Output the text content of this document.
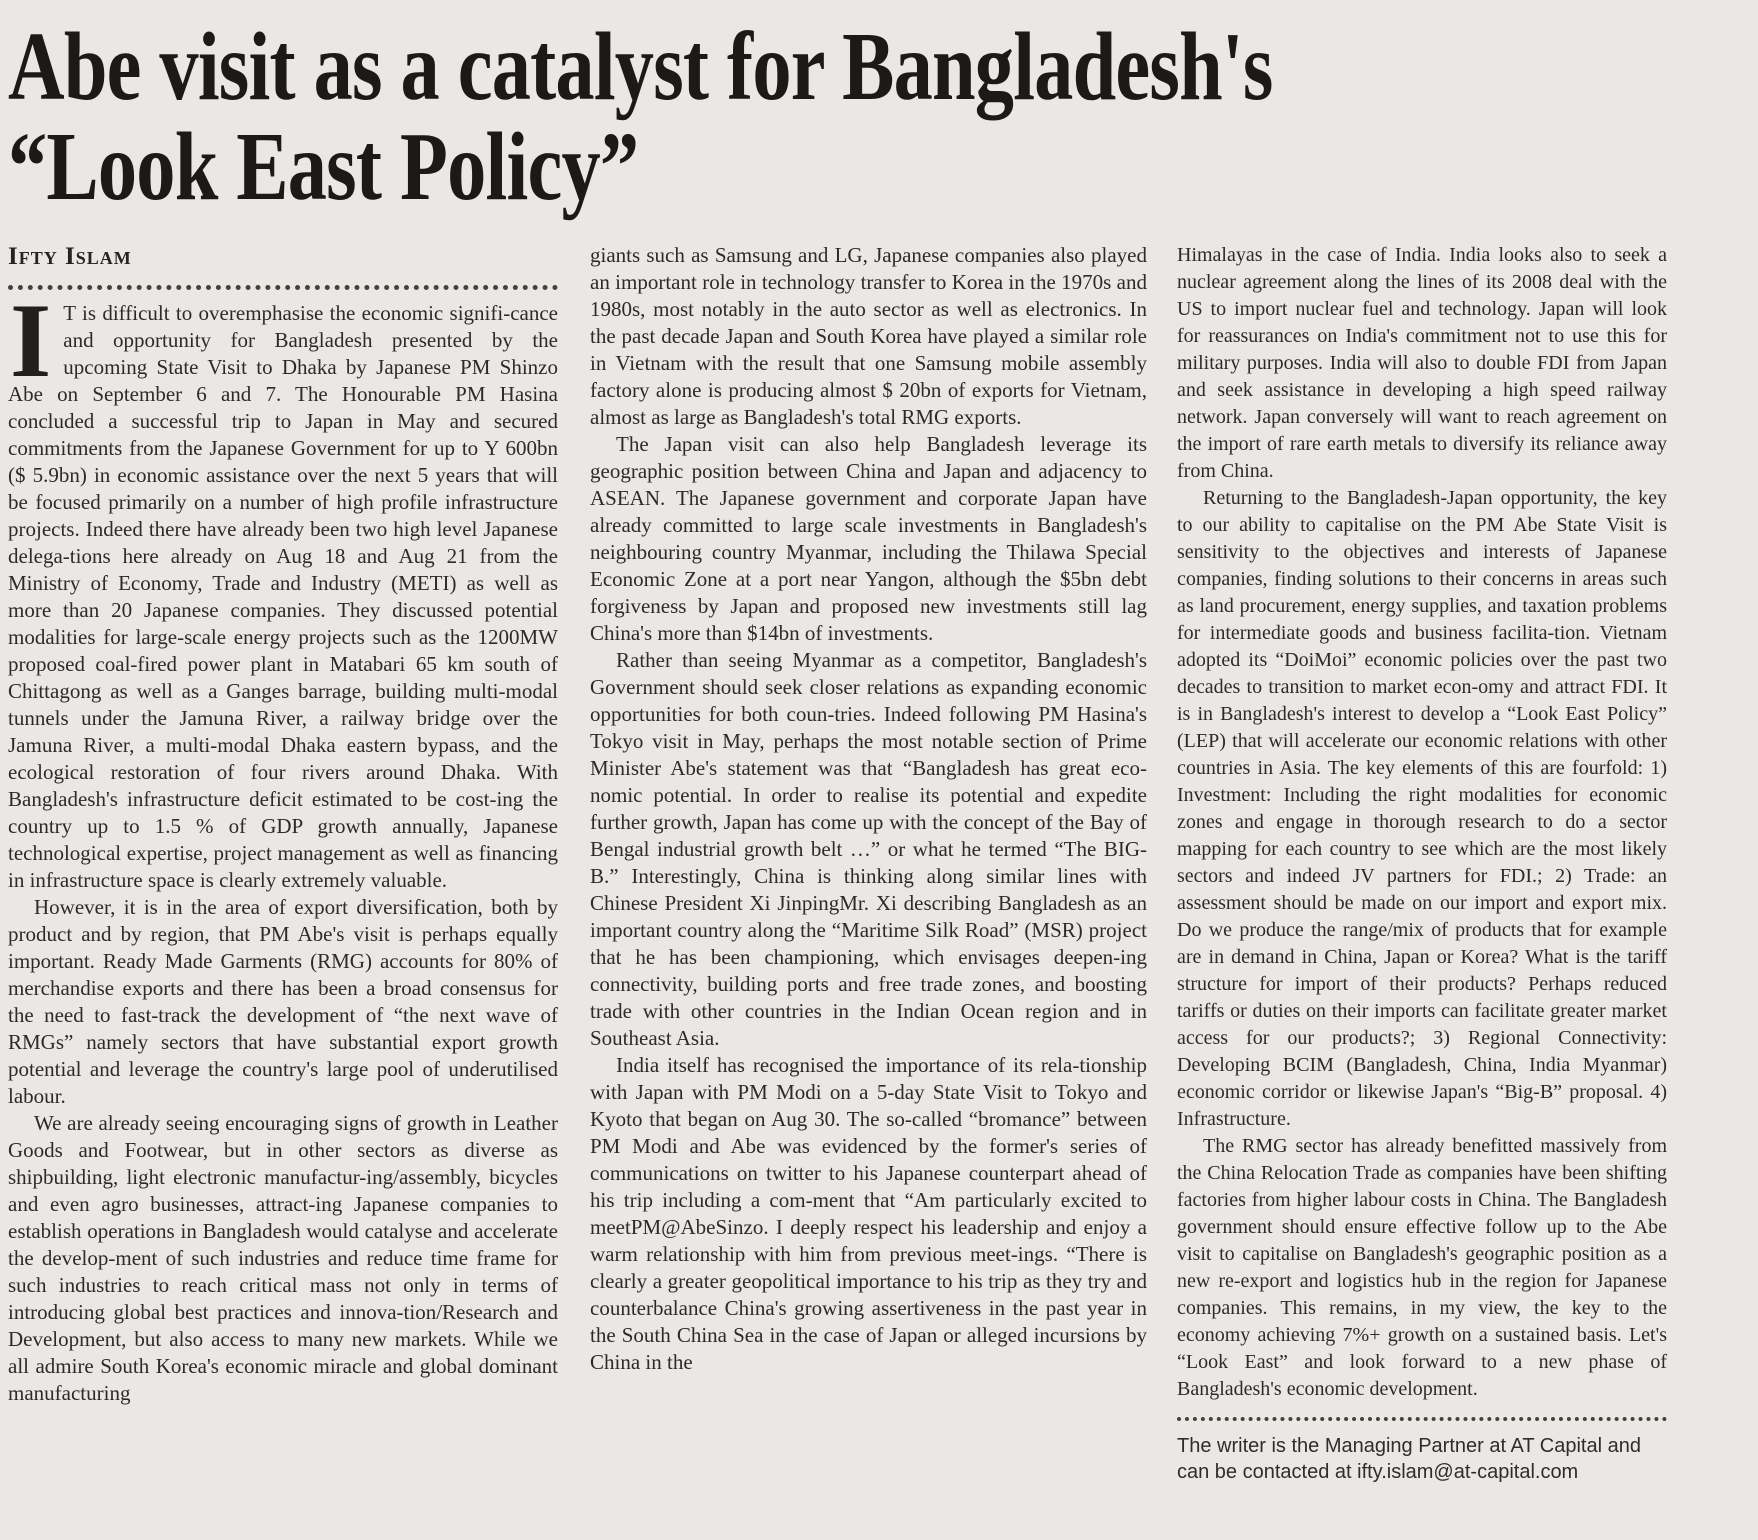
Abe visit as a catalyst for Bangladesh's
“Look East Policy”
Ifty Islam

I T is difficult to overemphasise the economic signifi-cance and opportunity for Bangladesh presented by the upcoming State Visit to Dhaka by Japanese PM Shinzo Abe on September 6 and 7. The Honourable PM Hasina concluded a successful trip to Japan in May and secured commitments from the Japanese Government for up to Y 600bn ($ 5.9bn) in economic assistance over the next 5 years that will be focused primarily on a number of high profile infrastructure projects. Indeed there have already been two high level Japanese delega-tions here already on Aug 18 and Aug 21 from the Ministry of Economy, Trade and Industry (METI) as well as more than 20 Japanese companies. They discussed potential modalities for large-scale energy projects such as the 1200MW proposed coal-fired power plant in Matabari 65 km south of Chittagong as well as a Ganges barrage, building multi-modal tunnels under the Jamuna River, a railway bridge over the Jamuna River, a multi-modal Dhaka eastern bypass, and the ecological restoration of four rivers around Dhaka. With Bangladesh's infrastructure deficit estimated to be cost-ing the country up to 1.5 % of GDP growth annually, Japanese technological expertise, project management as well as financing in infrastructure space is clearly extremely valuable.

However, it is in the area of export diversification, both by product and by region, that PM Abe's visit is perhaps equally important. Ready Made Garments (RMG) accounts for 80% of merchandise exports and there has been a broad consensus for the need to fast-track the development of “the next wave of RMGs” namely sectors that have substantial export growth potential and leverage the country's large pool of underutilised labour.

We are already seeing encouraging signs of growth in Leather Goods and Footwear, but in other sectors as diverse as shipbuilding, light electronic manufactur-ing/assembly, bicycles and even agro businesses, attract-ing Japanese companies to establish operations in Bangladesh would catalyse and accelerate the develop-ment of such industries and reduce time frame for such industries to reach critical mass not only in terms of introducing global best practices and innova-tion/Research and Development, but also access to many new markets. While we all admire South Korea's economic miracle and global dominant manufacturing

giants such as Samsung and LG, Japanese companies also played an important role in technology transfer to Korea in the 1970s and 1980s, most notably in the auto sector as well as electronics. In the past decade Japan and South Korea have played a similar role in Vietnam with the result that one Samsung mobile assembly factory alone is producing almost $ 20bn of exports for Vietnam, almost as large as Bangladesh's total RMG exports.

The Japan visit can also help Bangladesh leverage its geographic position between China and Japan and adjacency to ASEAN. The Japanese government and corporate Japan have already committed to large scale investments in Bangladesh's neighbouring country Myanmar, including the Thilawa Special Economic Zone at a port near Yangon, although the $5bn debt forgiveness by Japan and proposed new investments still lag China's more than $14bn of investments.

Rather than seeing Myanmar as a competitor, Bangladesh's Government should seek closer relations as expanding economic opportunities for both coun-tries. Indeed following PM Hasina's Tokyo visit in May, perhaps the most notable section of Prime Minister Abe's statement was that “Bangladesh has great eco-nomic potential. In order to realise its potential and expedite further growth, Japan has come up with the concept of the Bay of Bengal industrial growth belt …” or what he termed “The BIG-B.” Interestingly, China is thinking along similar lines with Chinese President Xi JinpingMr. Xi describing Bangladesh as an important country along the “Maritime Silk Road” (MSR) project that he has been championing, which envisages deepen-ing connectivity, building ports and free trade zones, and boosting trade with other countries in the Indian Ocean region and in Southeast Asia.

India itself has recognised the importance of its rela-tionship with Japan with PM Modi on a 5-day State Visit to Tokyo and Kyoto that began on Aug 30. The so-called “bromance” between PM Modi and Abe was evidenced by the former's series of communications on twitter to his Japanese counterpart ahead of his trip including a com-ment that “Am particularly excited to meetPM@AbeSinzo. I deeply respect his leadership and enjoy a warm relationship with him from previous meet-ings. “There is clearly a greater geopolitical importance to his trip as they try and counterbalance China's growing assertiveness in the past year in the South China Sea in the case of Japan or alleged incursions by China in the

Himalayas in the case of India. India looks also to seek a nuclear agreement along the lines of its 2008 deal with the US to import nuclear fuel and technology. Japan will look for reassurances on India's commitment not to use this for military purposes. India will also to double FDI from Japan and seek assistance in developing a high speed railway network. Japan conversely will want to reach agreement on the import of rare earth metals to diversify its reliance away from China.

Returning to the Bangladesh-Japan opportunity, the key to our ability to capitalise on the PM Abe State Visit is sensitivity to the objectives and interests of Japanese companies, finding solutions to their concerns in areas such as land procurement, energy supplies, and taxation problems for intermediate goods and business facilita-tion. Vietnam adopted its “DoiMoi” economic policies over the past two decades to transition to market econ-omy and attract FDI. It is in Bangladesh's interest to develop a “Look East Policy” (LEP) that will accelerate our economic relations with other countries in Asia. The key elements of this are fourfold: 1) Investment: Including the right modalities for economic zones and engage in thorough research to do a sector mapping for each country to see which are the most likely sectors and indeed JV partners for FDI.; 2) Trade: an assessment should be made on our import and export mix. Do we produce the range/mix of products that for example are in demand in China, Japan or Korea? What is the tariff structure for import of their products? Perhaps reduced tariffs or duties on their imports can facilitate greater market access for our products?; 3) Regional Connectivity: Developing BCIM (Bangladesh, China, India Myanmar) economic corridor or likewise Japan's “Big-B” proposal. 4) Infrastructure.

The RMG sector has already benefitted massively from the China Relocation Trade as companies have been shifting factories from higher labour costs in China. The Bangladesh government should ensure effective follow up to the Abe visit to capitalise on Bangladesh's geographic position as a new re-export and logistics hub in the region for Japanese companies. This remains, in my view, the key to the economy achieving 7%+ growth on a sustained basis. Let's “Look East” and look forward to a new phase of Bangladesh's economic development.

The writer is the Managing Partner at AT Capital and can be contacted at ifty.islam@at-capital.com
